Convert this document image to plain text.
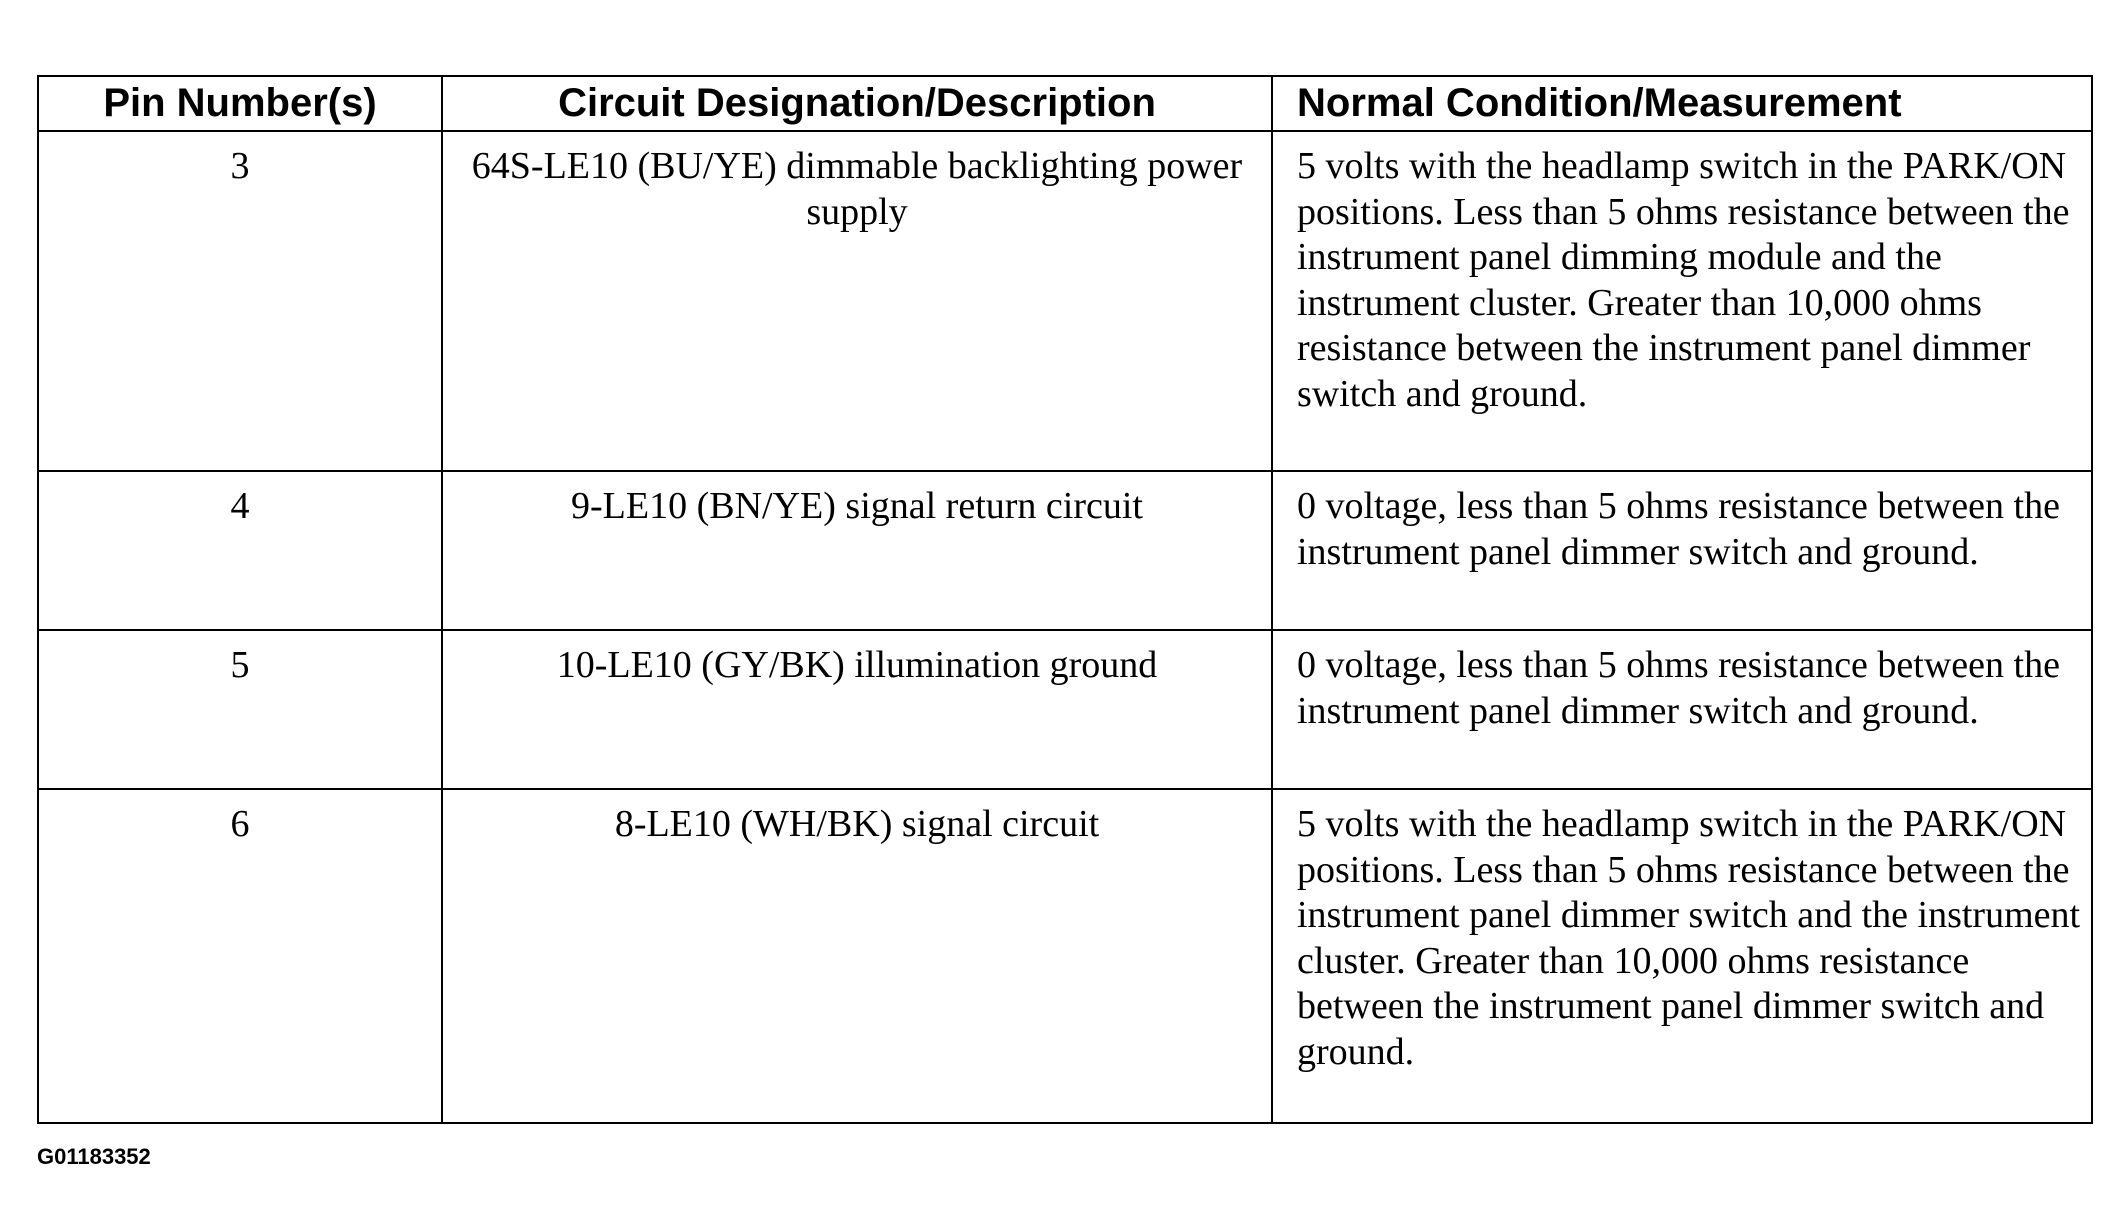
Pin Number(s)	Circuit Designation/Description	Normal Condition/Measurement
3	64S-LE10 (BU/YE) dimmable backlighting power supply	5 volts with the headlamp switch in the PARK/ON positions. Less than 5 ohms resistance between the instrument panel dimming module and the instrument cluster. Greater than 10,000 ohms resistance between the instrument panel dimmer switch and ground.
4	9-LE10 (BN/YE) signal return circuit	0 voltage, less than 5 ohms resistance between the instrument panel dimmer switch and ground.
5	10-LE10 (GY/BK) illumination ground	0 voltage, less than 5 ohms resistance between the instrument panel dimmer switch and ground.
6	8-LE10 (WH/BK) signal circuit	5 volts with the headlamp switch in the PARK/ON positions. Less than 5 ohms resistance between the instrument panel dimmer switch and the instrument cluster. Greater than 10,000 ohms resistance between the instrument panel dimmer switch and ground.
G01183352
